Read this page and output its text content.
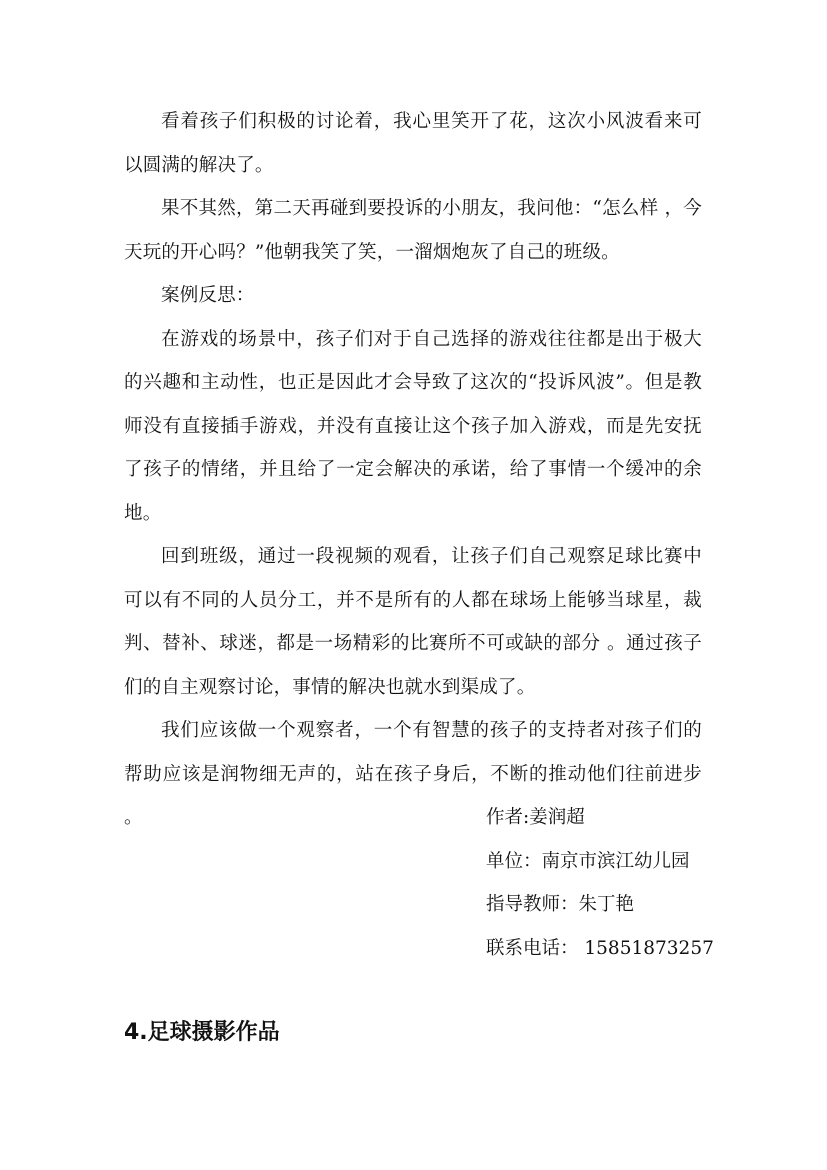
看着孩子们积极的讨论着，我心里笑开了花，这次小风波看来可以圆满的解决了。

果不其然，第二天再碰到要投诉的小朋友，我问他：“怎么样 ，今天玩的开心吗？”他朝我笑了笑，一溜烟炮灰了自己的班级。

案例反思：

在游戏的场景中，孩子们对于自己选择的游戏往往都是出于极大的兴趣和主动性，也正是因此才会导致了这次的“投诉风波”。但是教师没有直接插手游戏，并没有直接让这个孩子加入游戏，而是先安抚了孩子的情绪，并且给了一定会解决的承诺，给了事情一个缓冲的余地。

回到班级，通过一段视频的观看，让孩子们自己观察足球比赛中可以有不同的人员分工，并不是所有的人都在球场上能够当球星，裁判、替补、球迷，都是一场精彩的比赛所不可或缺的部分 。通过孩子们的自主观察讨论，事情的解决也就水到渠成了。

我们应该做一个观察者，一个有智慧的孩子的支持者对孩子们的帮助应该是润物细无声的，站在孩子身后，不断的推动他们往前进步 。	作者:姜润超
单位：南京市滨江幼儿园
指导教师：朱丁艳
联系电话： 15851873257
4.足球摄影作品
